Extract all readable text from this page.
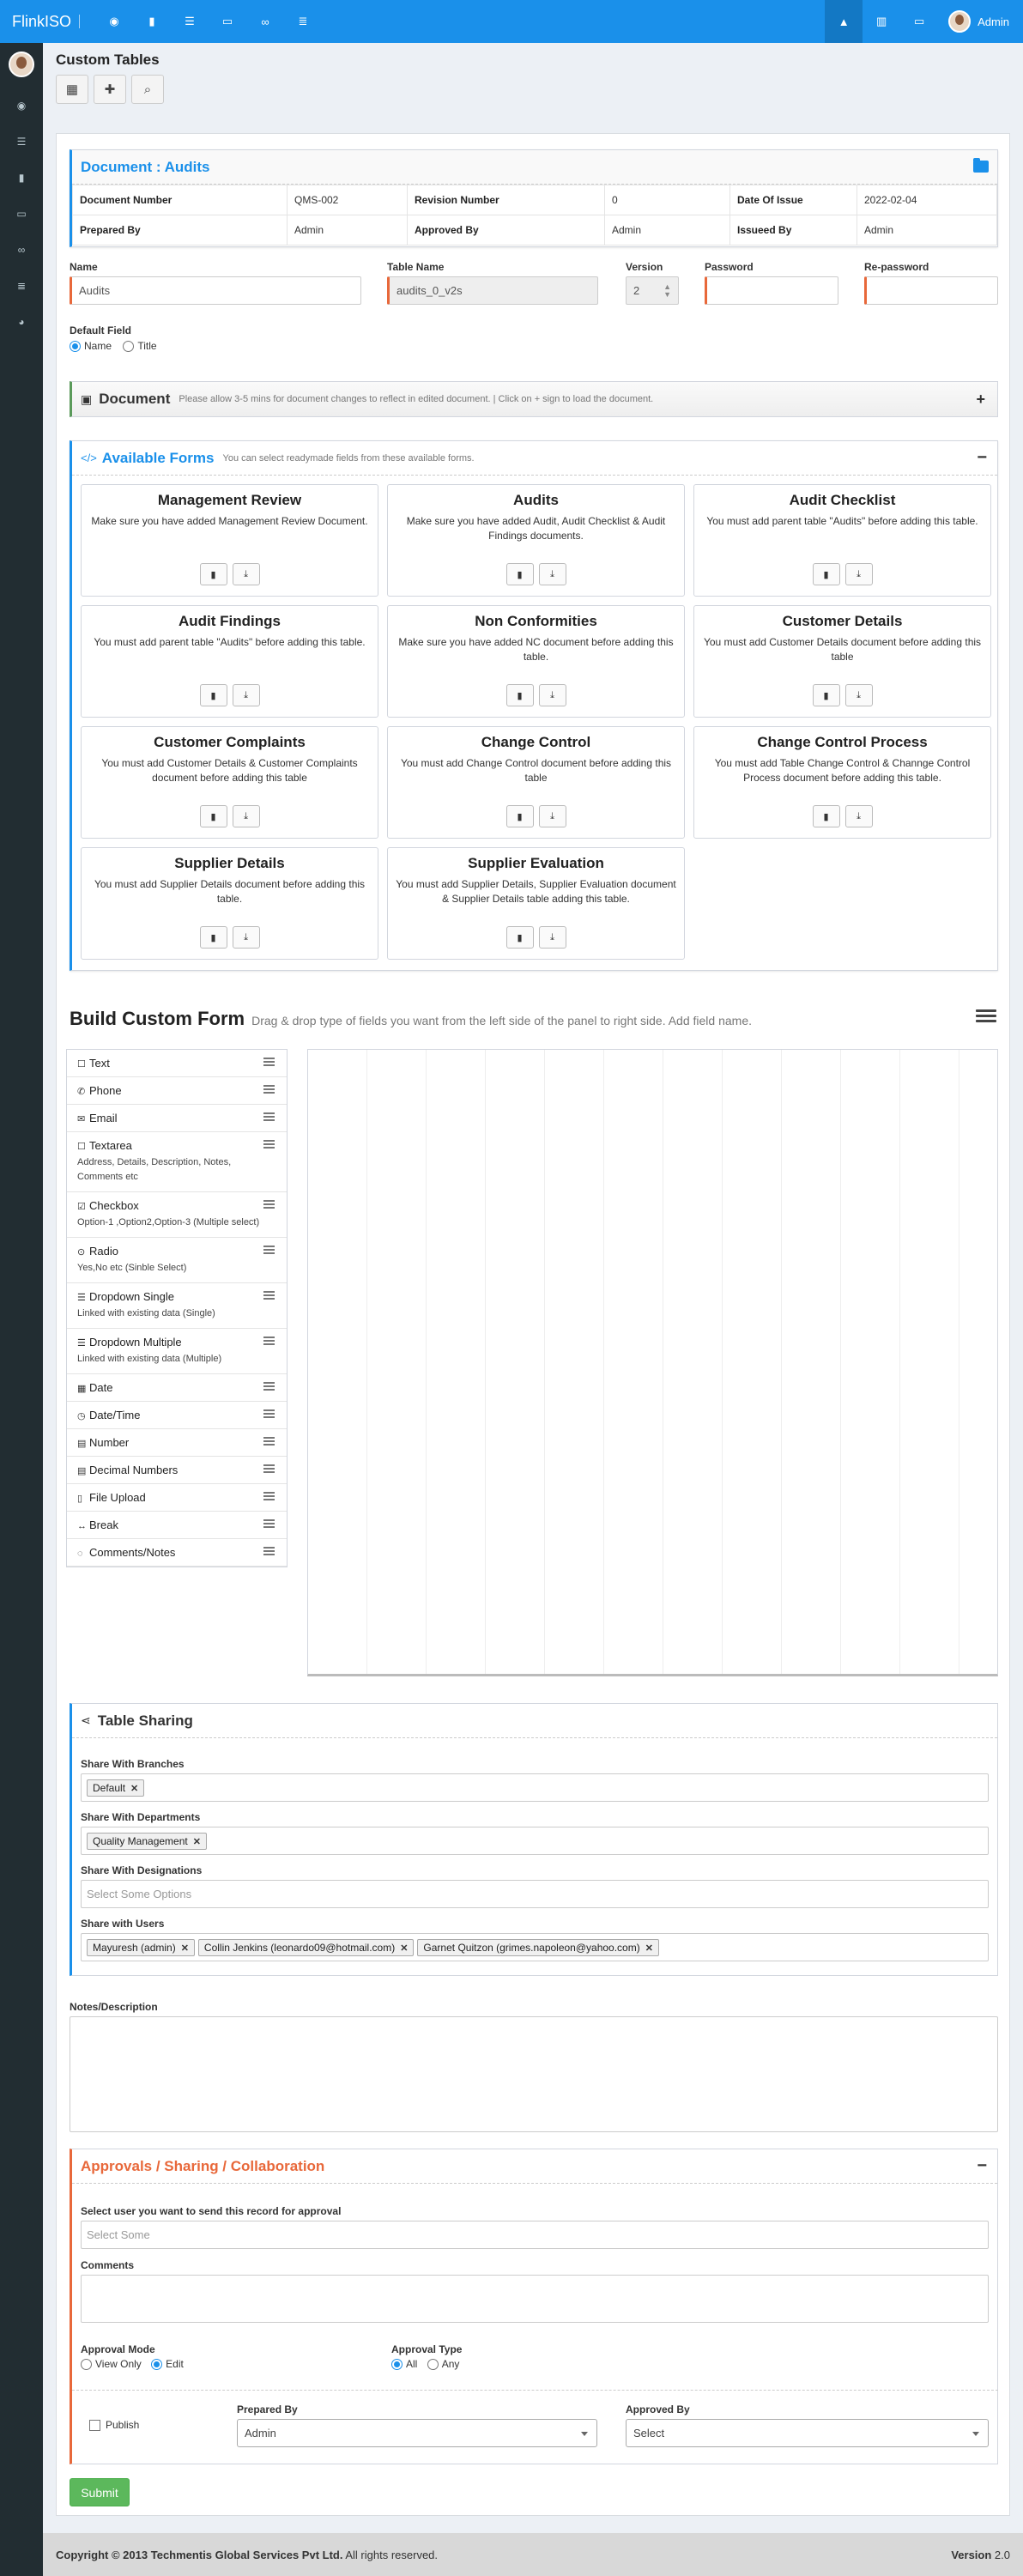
FlinkISO	◉	▮	☰	▭	∞	≣	▲	▥	▭	Admin
◉
☰
▮
▭
∞
≣
◕
Custom Tables
▦	✚	⌕
Document : Audits
Document Number	QMS-002	Revision Number	0	Date Of Issue	2022-02-04
Prepared By	Admin	Approved By	Admin	Issueed By	Admin
Name
Audits
Table Name
audits_0_v2s
Version
2	▲
▼
Password	Re-password
Default Field
Name	Title
▣ Document Please allow 3-5 mins for document changes to reflect in edited document. | Click on + sign to load the document.	+
</> Available Forms You can select readymade fields from these available forms.	−
Management Review
Make sure you have added Management Review Document.
▮	⤓
Audits
Make sure you have added Audit, Audit Checklist & Audit Findings documents.
▮	⤓
Audit Checklist
You must add parent table "Audits" before adding this table.
▮	⤓
Audit Findings
You must add parent table "Audits" before adding this table.
▮	⤓
Non Conformities
Make sure you have added NC document before adding this table.
▮	⤓
Customer Details
You must add Customer Details document before adding this table
▮	⤓
Customer Complaints
You must add Customer Details & Customer Complaints document before adding this table
▮	⤓
Change Control
You must add Change Control document before adding this table
▮	⤓
Change Control Process
You must add Table Change Control & Channge Control Process document before adding this table.
▮	⤓
Supplier Details
You must add Supplier Details document before adding this table.
▮	⤓
Supplier Evaluation
You must add Supplier Details, Supplier Evaluation document & Supplier Details table adding this table.
▮	⤓
Build Custom Form Drag & drop type of fields you want from the left side of the panel to right side. Add field name.
☐ Text
✆ Phone
✉ Email
☐ Textarea
Address, Details, Description, Notes, Comments etc
☑ Checkbox
Option-1 ,Option2,Option-3 (Multiple select)
⊙ Radio
Yes,No etc (Sinble Select)
☰ Dropdown Single
Linked with existing data (Single)
☰ Dropdown Multiple
Linked with existing data (Multiple)
▦ Date
◷ Date/Time
▤ Number
▤ Decimal Numbers
▯ File Upload
↔ Break
◌ Comments/Notes
⋖ Table Sharing
Share With Branches
Default ✕
Share With Departments
Quality Management ✕
Share With Designations
Select Some Options
Share with Users
Mayuresh (admin) ✕	Collin Jenkins (leonardo09@hotmail.com) ✕	Garnet Quitzon (grimes.napoleon@yahoo.com) ✕
Notes/Description
Approvals / Sharing / Collaboration	−
Select user you want to send this record for approval
Select Some
Comments
Approval Mode
View Only Edit
Approval Type
All Any
Publish
Prepared By
Admin
Approved By
Select
Submit
Copyright © 2013 Techmentis Global Services Pvt Ltd. All rights reserved.	Version 2.0
